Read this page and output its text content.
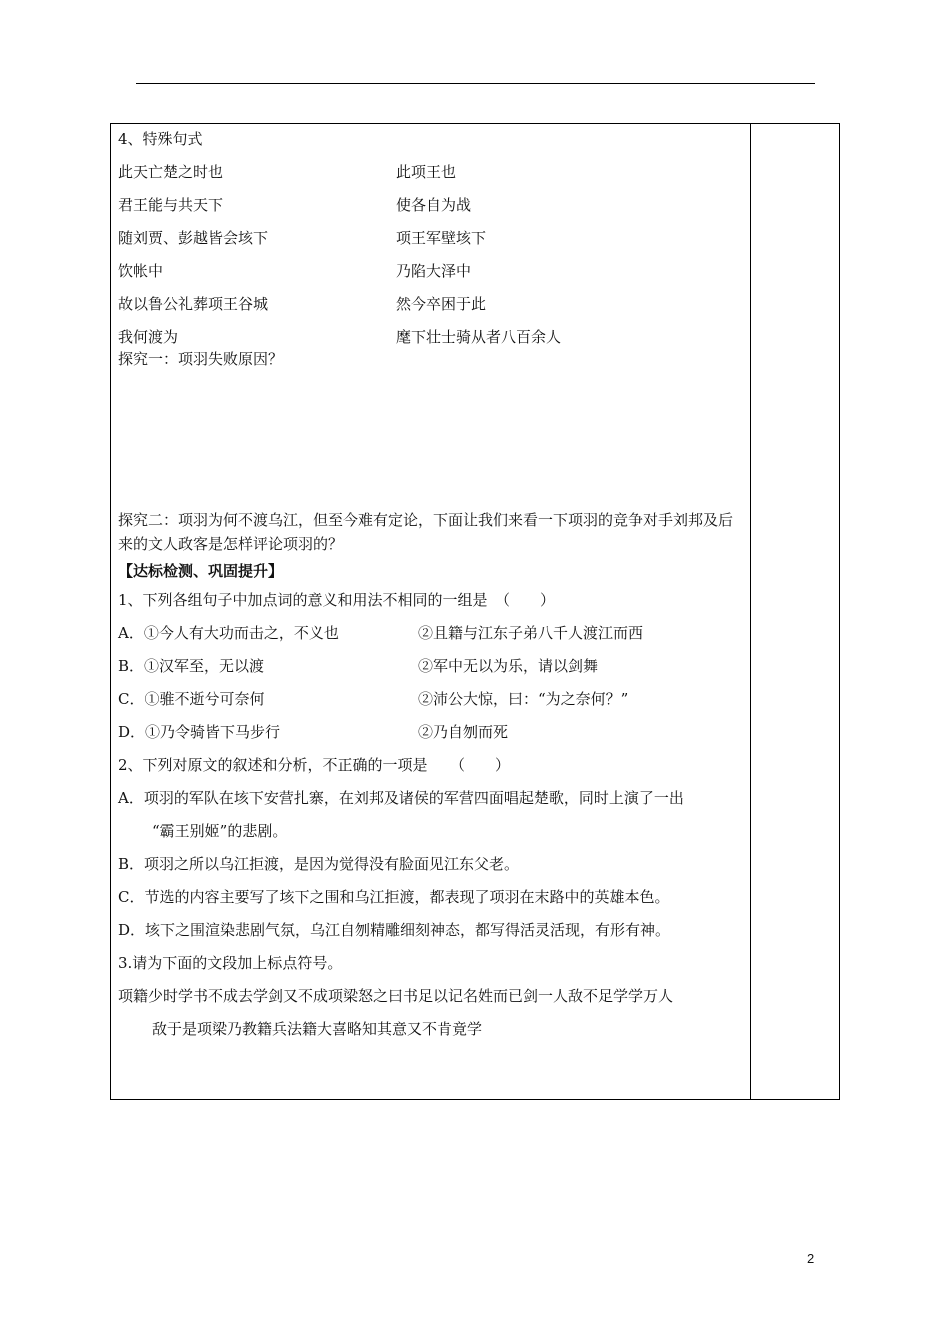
4、特殊句式
此天亡楚之时也	此项王也
君王能与共天下	使各自为战
随刘贾、彭越皆会垓下	项王军壁垓下
饮帐中	乃陷大泽中
故以鲁公礼葬项王谷城	然今卒困于此
我何渡为	麾下壮士骑从者八百余人
探究一：项羽失败原因？
探究二：项羽为何不渡乌江，但至今难有定论，下面让我们来看一下项羽的竞争对手刘邦及后来的文人政客是怎样评论项羽的？
【达标检测、巩固提升】
1、下列各组句子中加点词的意义和用法不相同的一组是　（　　）
A．①今人有大功而击之，不义也	②且籍与江东子弟八千人渡江而西
B．①汉军至，无以渡	②军中无以为乐，请以剑舞
C．①骓不逝兮可奈何	②沛公大惊，曰：“为之奈何？”
D．①乃令骑皆下马步行	②乃自刎而死
2、下列对原文的叙述和分析，不正确的一项是　　（　　）
A．项羽的军队在垓下安营扎寨，在刘邦及诸侯的军营四面唱起楚歌，同时上演了一出
“霸王别姬”的悲剧。
B．项羽之所以乌江拒渡，是因为觉得没有脸面见江东父老。
C．节选的内容主要写了垓下之围和乌江拒渡，都表现了项羽在末路中的英雄本色。
D．垓下之围渲染悲剧气氛，乌江自刎精雕细刻神态，都写得活灵活现，有形有神。
3.请为下面的文段加上标点符号。
项籍少时学书不成去学剑又不成项梁怒之曰书足以记名姓而已剑一人敌不足学学万人
敌于是项梁乃教籍兵法籍大喜略知其意又不肯竟学
2
